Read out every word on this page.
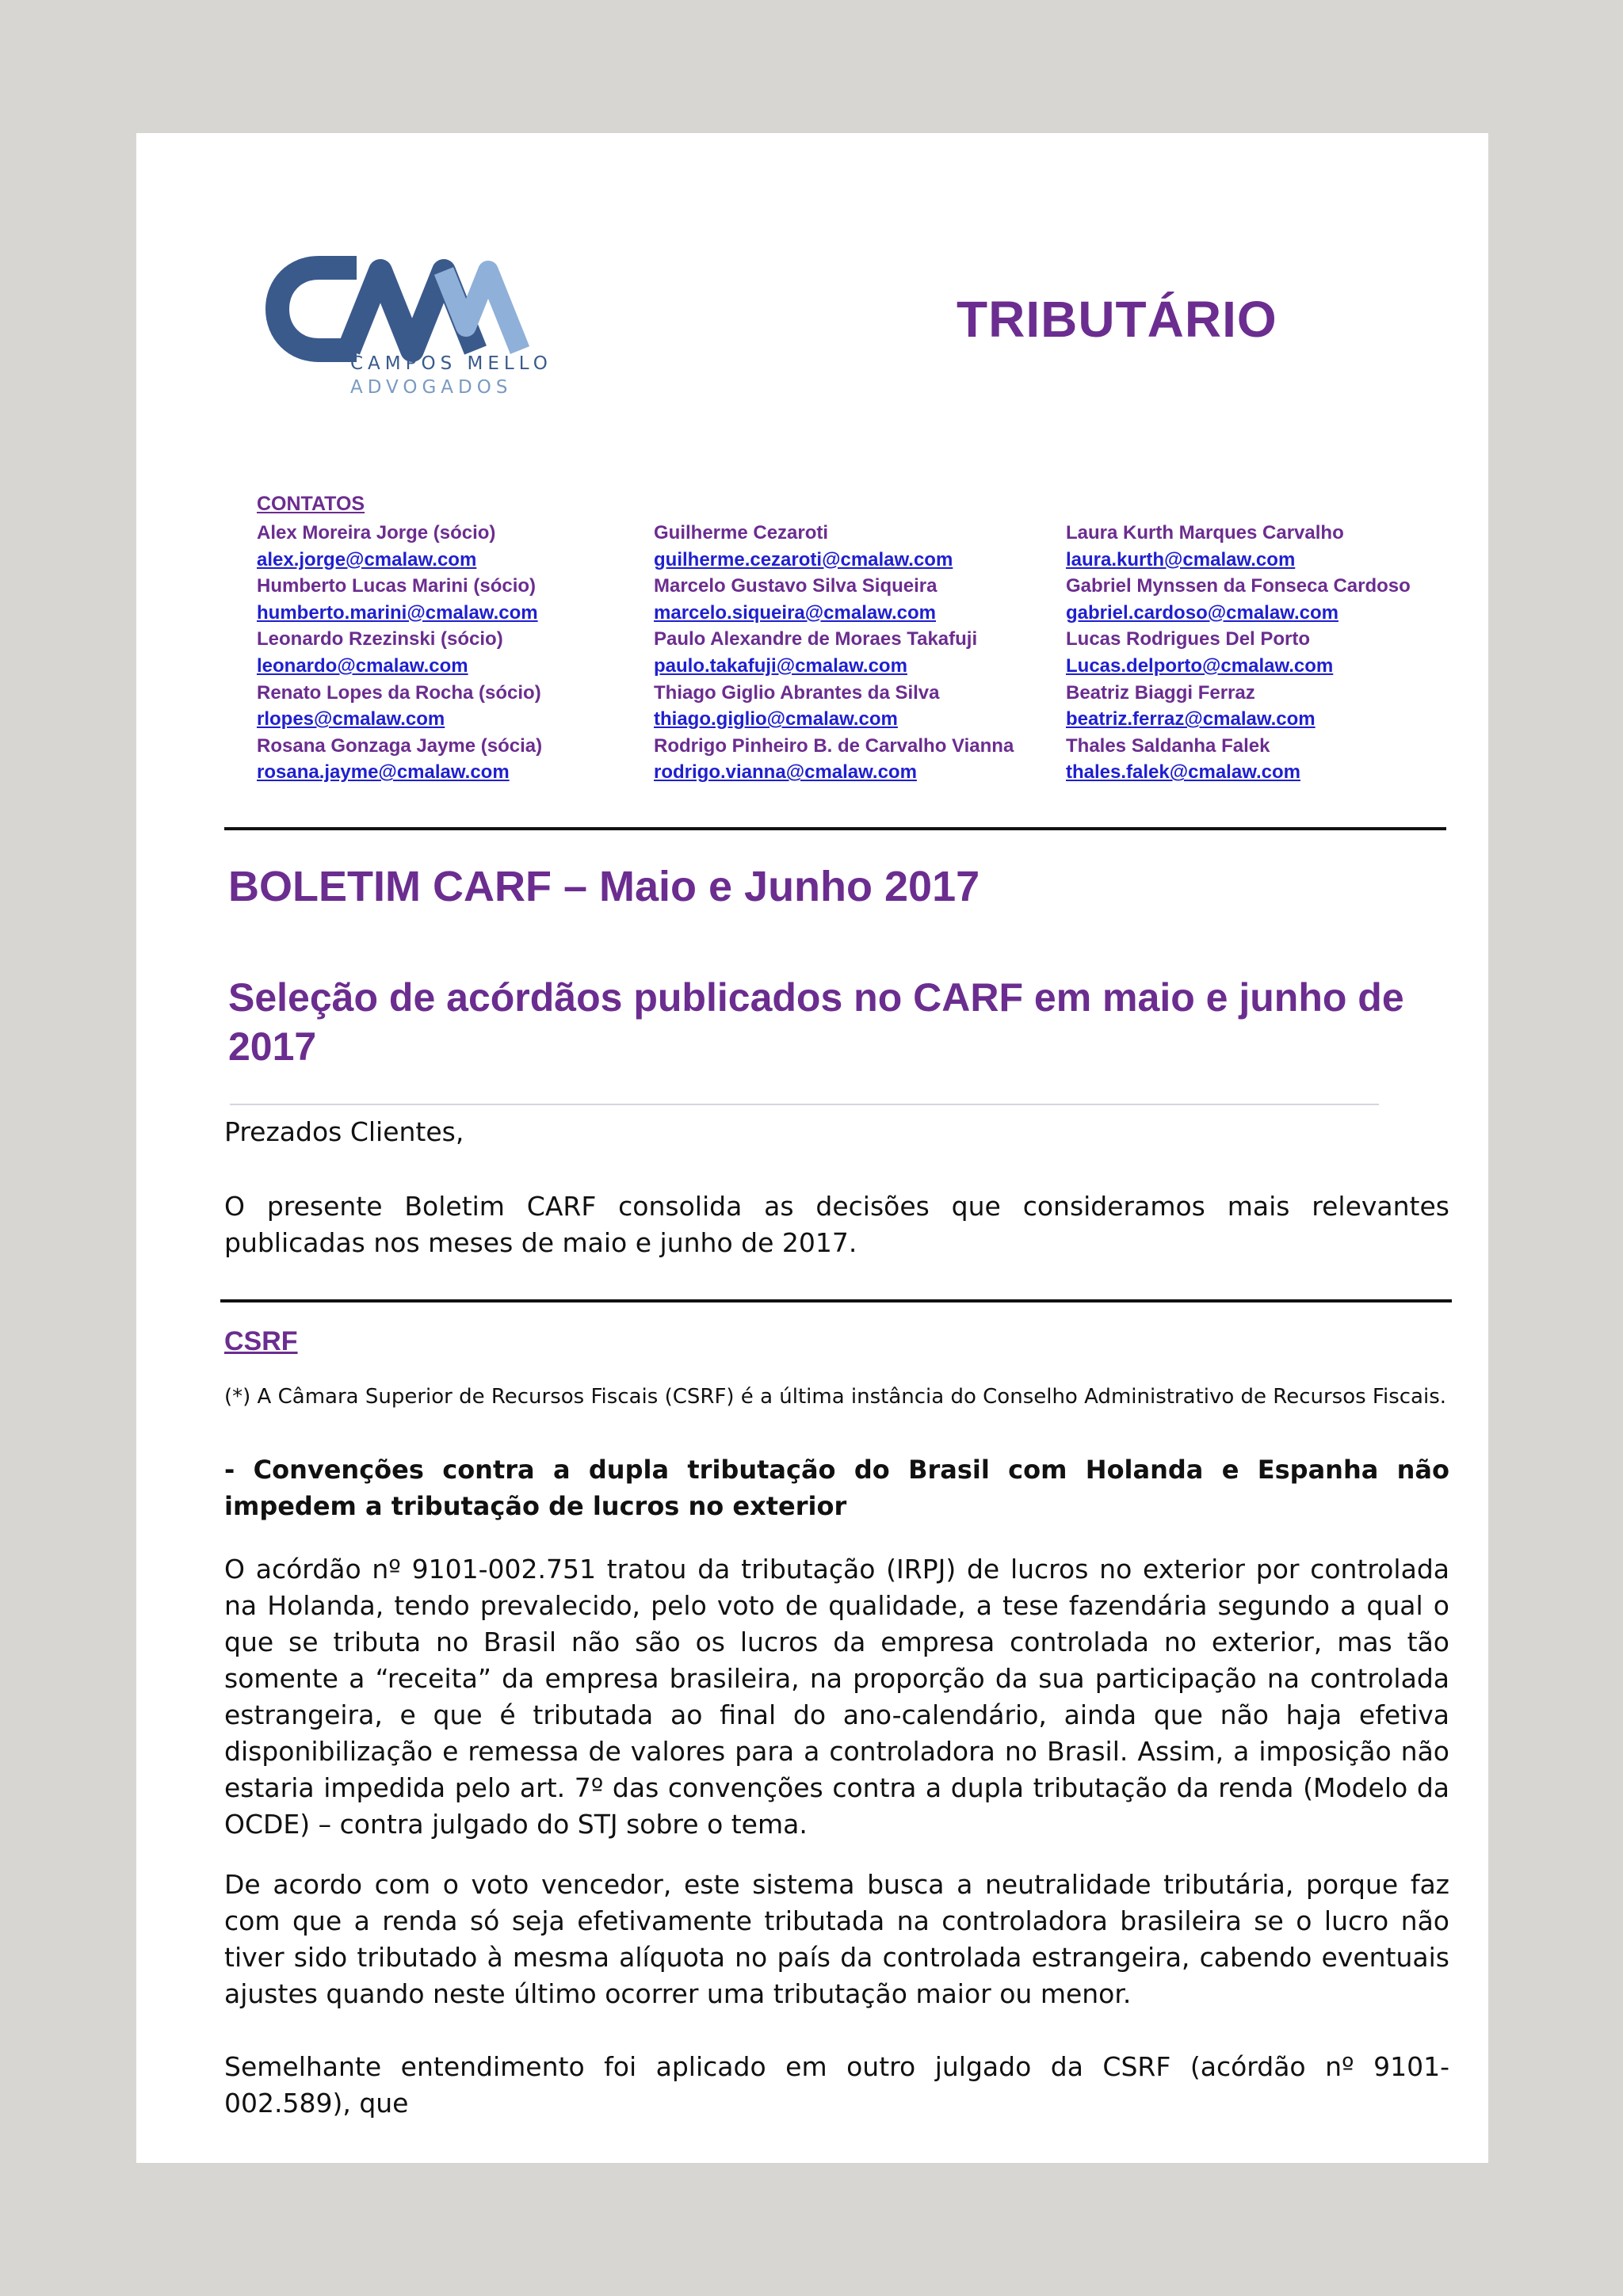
CAMPOS MELLO
ADVOGADOS
TRIBUTÁRIO
CONTATOS
Alex Moreira Jorge (sócio)
alex.jorge@cmalaw.com
Humberto Lucas Marini (sócio)
humberto.marini@cmalaw.com
Leonardo Rzezinski (sócio)
leonardo@cmalaw.com
Renato Lopes da Rocha (sócio)
rlopes@cmalaw.com
Rosana Gonzaga Jayme (sócia)
rosana.jayme@cmalaw.com
Guilherme Cezaroti
guilherme.cezaroti@cmalaw.com
Marcelo Gustavo Silva Siqueira
marcelo.siqueira@cmalaw.com
Paulo Alexandre de Moraes Takafuji
paulo.takafuji@cmalaw.com
Thiago Giglio Abrantes da Silva
thiago.giglio@cmalaw.com
Rodrigo Pinheiro B. de Carvalho Vianna
rodrigo.vianna@cmalaw.com
Laura Kurth Marques Carvalho
laura.kurth@cmalaw.com
Gabriel Mynssen da Fonseca Cardoso
gabriel.cardoso@cmalaw.com
Lucas Rodrigues Del Porto
Lucas.delporto@cmalaw.com
Beatriz Biaggi Ferraz
beatriz.ferraz@cmalaw.com
Thales Saldanha Falek
thales.falek@cmalaw.com
BOLETIM CARF – Maio e Junho 2017
Seleção de acórdãos publicados no CARF em maio e junho de 2017
Prezados Clientes,
O presente Boletim CARF consolida as decisões que consideramos mais relevantes publicadas nos meses de maio e junho de 2017.
CSRF
(*) A Câmara Superior de Recursos Fiscais (CSRF) é a última instância do Conselho Administrativo de Recursos Fiscais.
- Convenções contra a dupla tributação do Brasil com Holanda e Espanha não impedem a tributação de lucros no exterior
O acórdão nº 9101-002.751 tratou da tributação (IRPJ) de lucros no exterior por controlada na Holanda, tendo prevalecido, pelo voto de qualidade, a tese fazendária segundo a qual o que se tributa no Brasil não são os lucros da empresa controlada no exterior, mas tão somente a “receita” da empresa brasileira, na proporção da sua participação na controlada estrangeira, e que é tributada ao final do ano-calendário, ainda que não haja efetiva disponibilização e remessa de valores para a controladora no Brasil. Assim, a imposição não estaria impedida pelo art. 7º das convenções contra a dupla tributação da renda (Modelo da OCDE) – contra julgado do STJ sobre o tema.
De acordo com o voto vencedor, este sistema busca a neutralidade tributária, porque faz com que a renda só seja efetivamente tributada na controladora brasileira se o lucro não tiver sido tributado à mesma alíquota no país da controlada estrangeira, cabendo eventuais ajustes quando neste último ocorrer uma tributação maior ou menor.
Semelhante entendimento foi aplicado em outro julgado da CSRF (acórdão nº 9101-002.589), que
